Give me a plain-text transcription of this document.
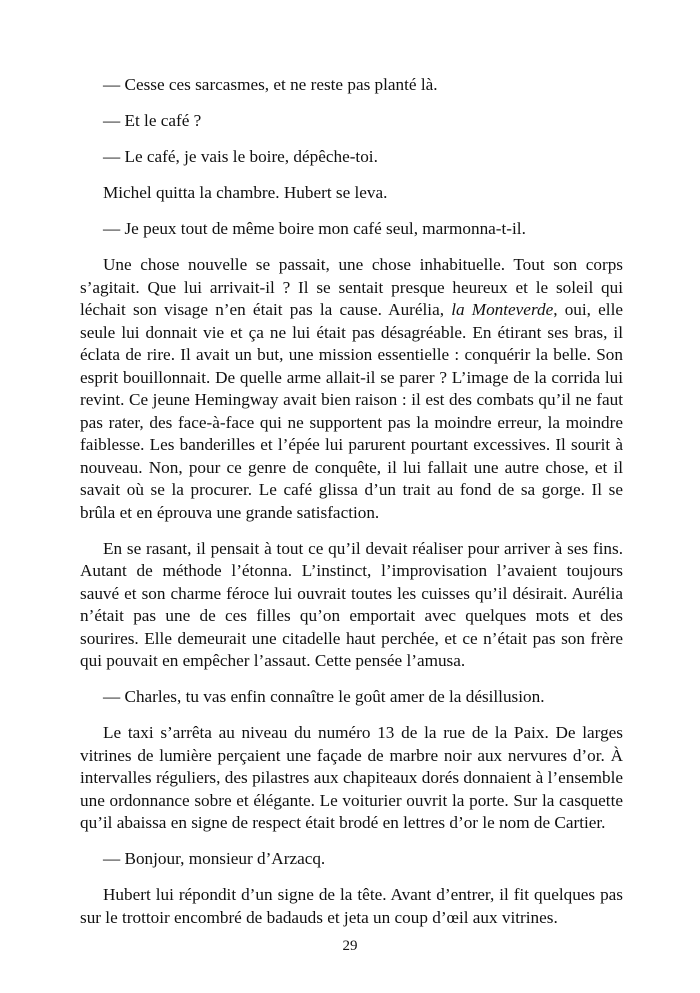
— Cesse ces sarcasmes, et ne reste pas planté là.

— Et le café ?

— Le café, je vais le boire, dépêche-toi.

Michel quitta la chambre. Hubert se leva.

— Je peux tout de même boire mon café seul, marmonna-t-il.

Une chose nouvelle se passait, une chose inhabituelle. Tout son corps s’agitait. Que lui arrivait-il ? Il se sentait presque heureux et le soleil qui léchait son visage n’en était pas la cause. Aurélia, la Monteverde, oui, elle seule lui donnait vie et ça ne lui était pas désagréable. En étirant ses bras, il éclata de rire. Il avait un but, une mission essentielle : conquérir la belle. Son esprit bouillonnait. De quelle arme allait-il se parer ? L’image de la corrida lui revint. Ce jeune Hemingway avait bien raison : il est des combats qu’il ne faut pas rater, des face-à-face qui ne supportent pas la moindre erreur, la moindre faiblesse. Les banderilles et l’épée lui parurent pourtant excessives. Il sourit à nouveau. Non, pour ce genre de conquête, il lui fallait une autre chose, et il savait où se la procurer. Le café glissa d’un trait au fond de sa gorge. Il se brûla et en éprouva une grande satisfaction.

En se rasant, il pensait à tout ce qu’il devait réaliser pour arriver à ses fins. Autant de méthode l’étonna. L’instinct, l’improvisation l’avaient toujours sauvé et son charme féroce lui ouvrait toutes les cuisses qu’il désirait. Aurélia n’était pas une de ces filles qu’on emportait avec quelques mots et des sourires. Elle demeurait une citadelle haut perchée, et ce n’était pas son frère qui pouvait en empêcher l’assaut. Cette pensée l’amusa.

— Charles, tu vas enfin connaître le goût amer de la désillusion.

Le taxi s’arrêta au niveau du numéro 13 de la rue de la Paix. De larges vitrines de lumière perçaient une façade de marbre noir aux nervures d’or. À intervalles réguliers, des pilastres aux chapiteaux dorés donnaient à l’ensemble une ordonnance sobre et élégante. Le voiturier ouvrit la porte. Sur la casquette qu’il abaissa en signe de respect était brodé en lettres d’or le nom de Cartier.

— Bonjour, monsieur d’Arzacq.

Hubert lui répondit d’un signe de la tête. Avant d’entrer, il fit quelques pas sur le trottoir encombré de badauds et jeta un coup d’œil aux vitrines.

29
